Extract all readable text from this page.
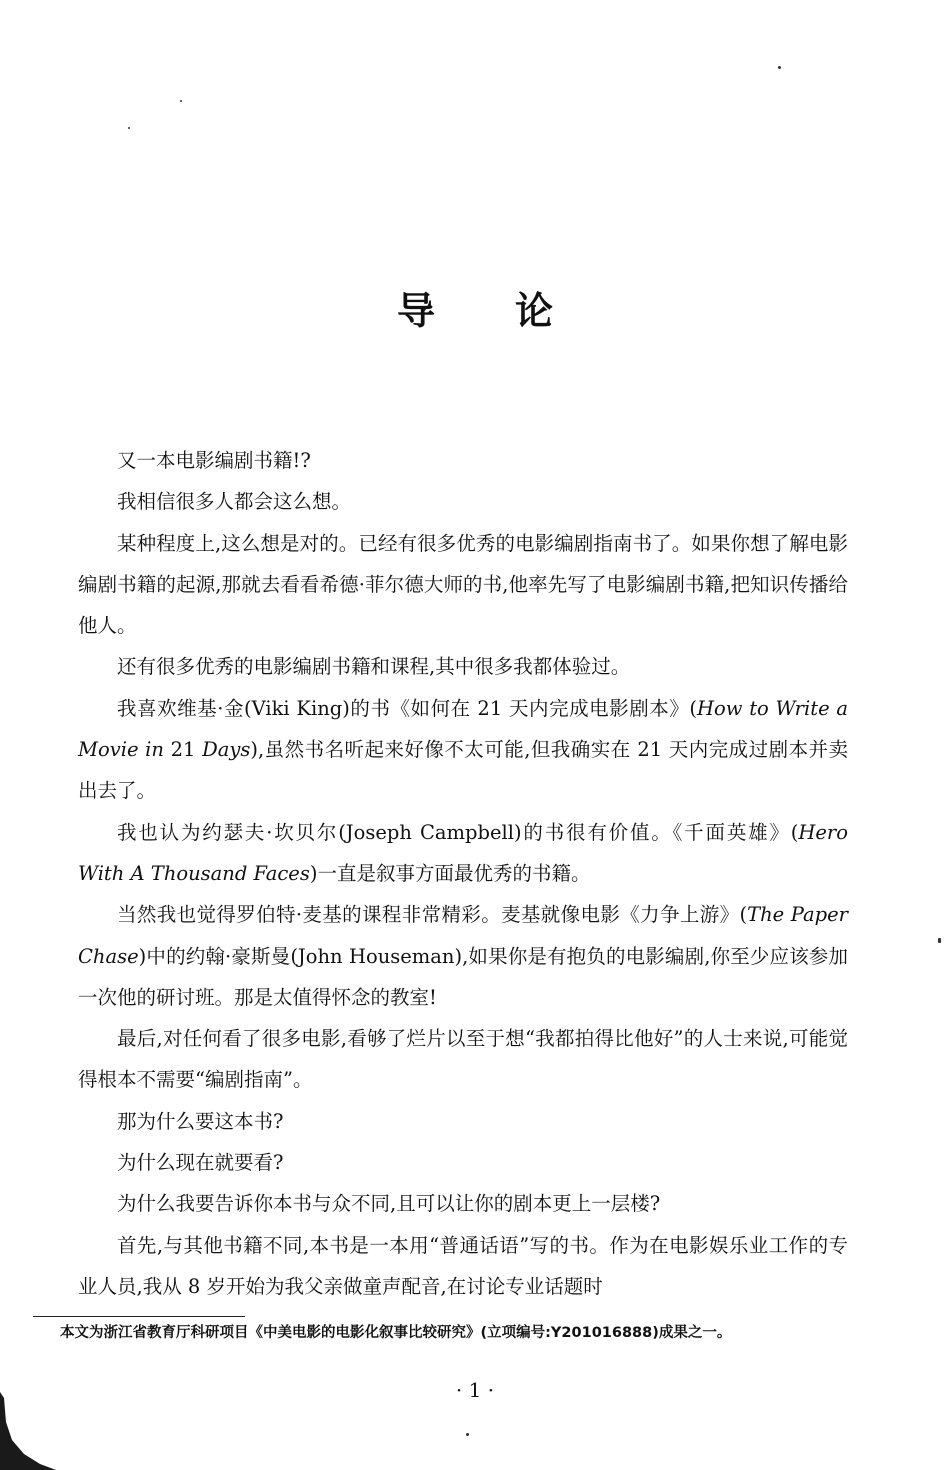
导论

又一本电影编剧书籍!?

我相信很多人都会这么想。

某种程度上,这么想是对的。已经有很多优秀的电影编剧指南书了。如果你想了解电影编剧书籍的起源,那就去看看希德·菲尔德大师的书,他率先写了电影编剧书籍,把知识传播给他人。

还有很多优秀的电影编剧书籍和课程,其中很多我都体验过。

我喜欢维基·金(Viki King)的书《如何在 21 天内完成电影剧本》(How to Write a Movie in 21 Days),虽然书名听起来好像不太可能,但我确实在 21 天内完成过剧本并卖出去了。

我也认为约瑟夫·坎贝尔(Joseph Campbell)的书很有价值。《千面英雄》(Hero With A Thousand Faces)一直是叙事方面最优秀的书籍。

当然我也觉得罗伯特·麦基的课程非常精彩。麦基就像电影《力争上游》(The Paper Chase)中的约翰·豪斯曼(John Houseman),如果你是有抱负的电影编剧,你至少应该参加一次他的研讨班。那是太值得怀念的教室!

最后,对任何看了很多电影,看够了烂片以至于想“我都拍得比他好”的人士来说,可能觉得根本不需要“编剧指南”。

那为什么要这本书?

为什么现在就要看?

为什么我要告诉你本书与众不同,且可以让你的剧本更上一层楼?

首先,与其他书籍不同,本书是一本用“普通话语”写的书。作为在电影娱乐业工作的专业人员,我从 8 岁开始为我父亲做童声配音,在讨论专业话题时

本文为浙江省教育厅科研项目《中美电影的电影化叙事比较研究》(立项编号:Y201016888)成果之一。
· 1 ·
